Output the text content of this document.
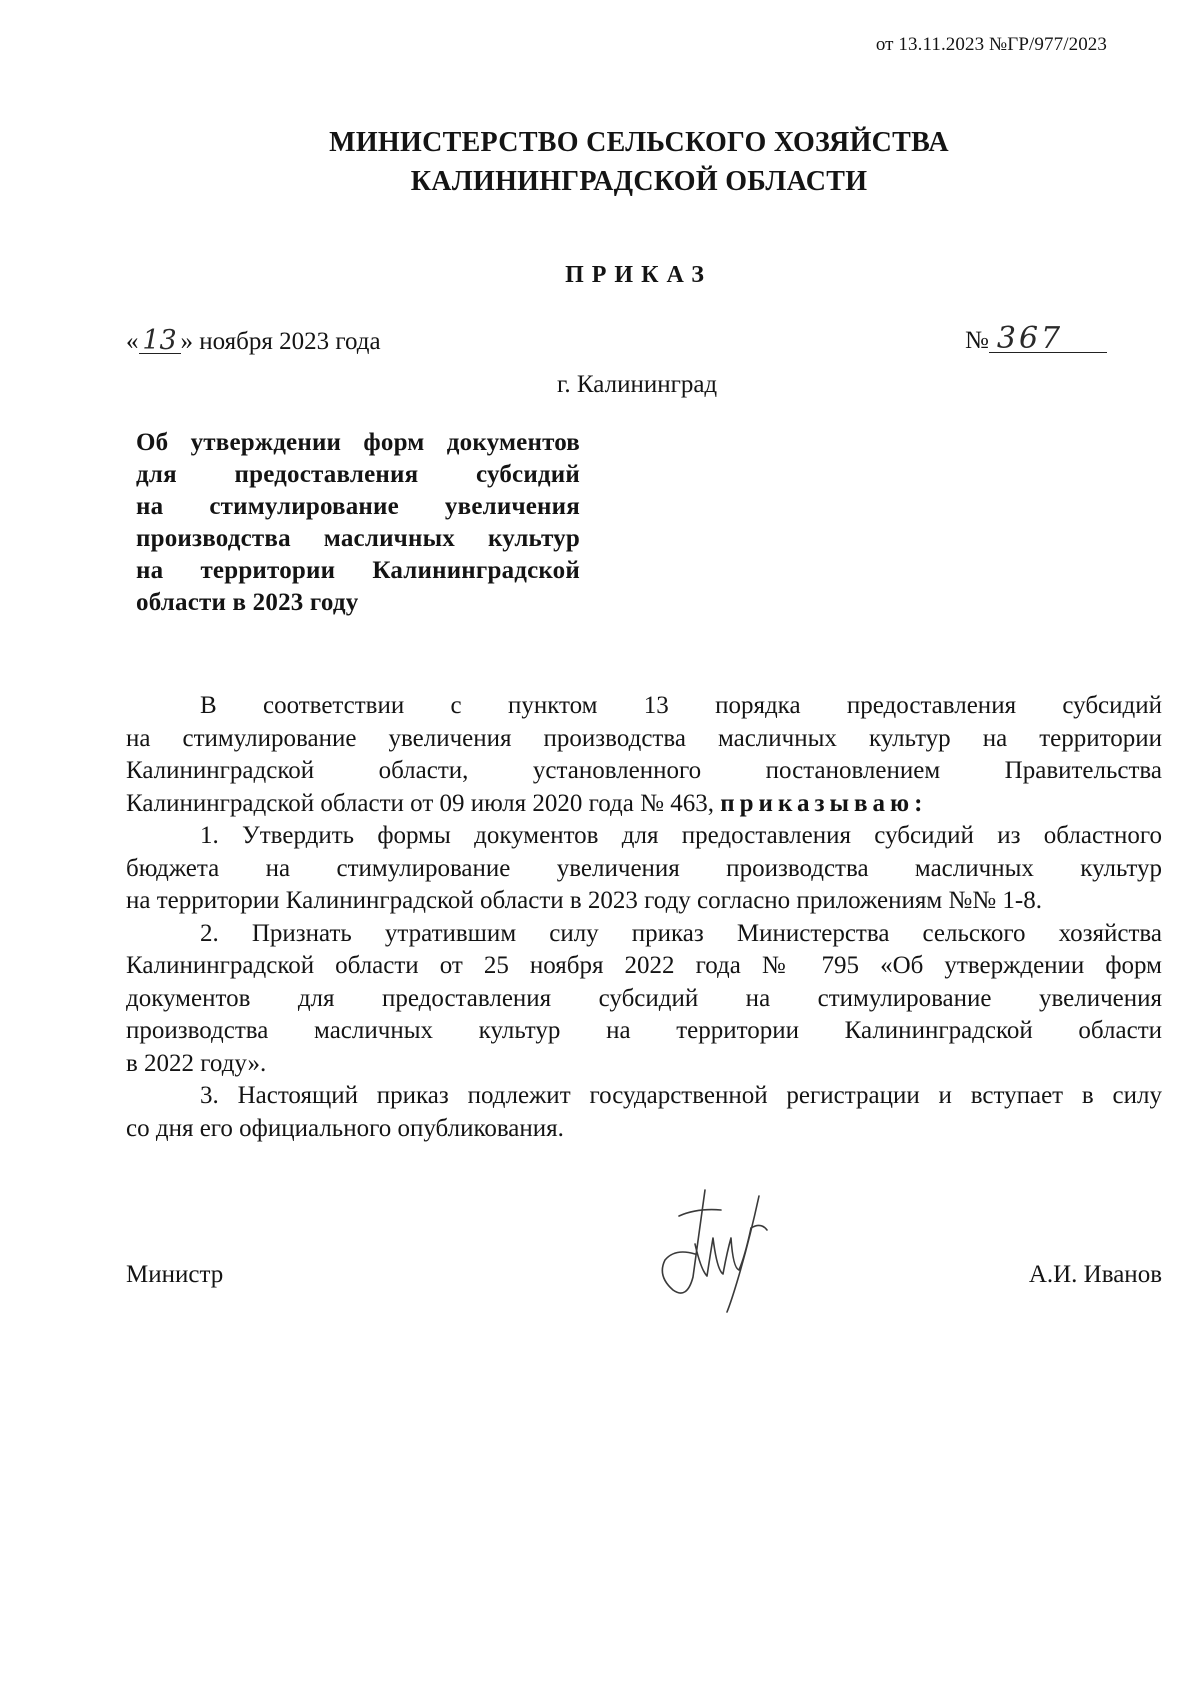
от 13.11.2023 №ГР/977/2023
МИНИСТЕРСТВО СЕЛЬСКОГО ХОЗЯЙСТВА
КАЛИНИНГРАДСКОЙ ОБЛАСТИ
ПРИКАЗ
« 13 » ноября 2023 года	№ 367
г. Калининград
Об утверждении форм документов
для предоставления субсидий
на стимулирование увеличения
производства масличных культур
на территории Калининградской
области в 2023 году
В соответствии с пунктом 13 порядка предоставления субсидий
на стимулирование увеличения производства масличных культур на территории
Калининградской области, установленного постановлением Правительства
Калининградской области от 09 июля 2020 года № 463, приказываю:
1. Утвердить формы документов для предоставления субсидий из областного
бюджета на стимулирование увеличения производства масличных культур
на территории Калининградской области в 2023 году согласно приложениям №№ 1-8.
2. Признать утратившим силу приказ Министерства сельского хозяйства
Калининградской области от 25 ноября 2022 года № 795 «Об утверждении форм
документов для предоставления субсидий на стимулирование увеличения
производства масличных культур на территории Калининградской области
в 2022 году».
3. Настоящий приказ подлежит государственной регистрации и вступает в силу
со дня его официального опубликования.
Министр	А.И. Иванов
